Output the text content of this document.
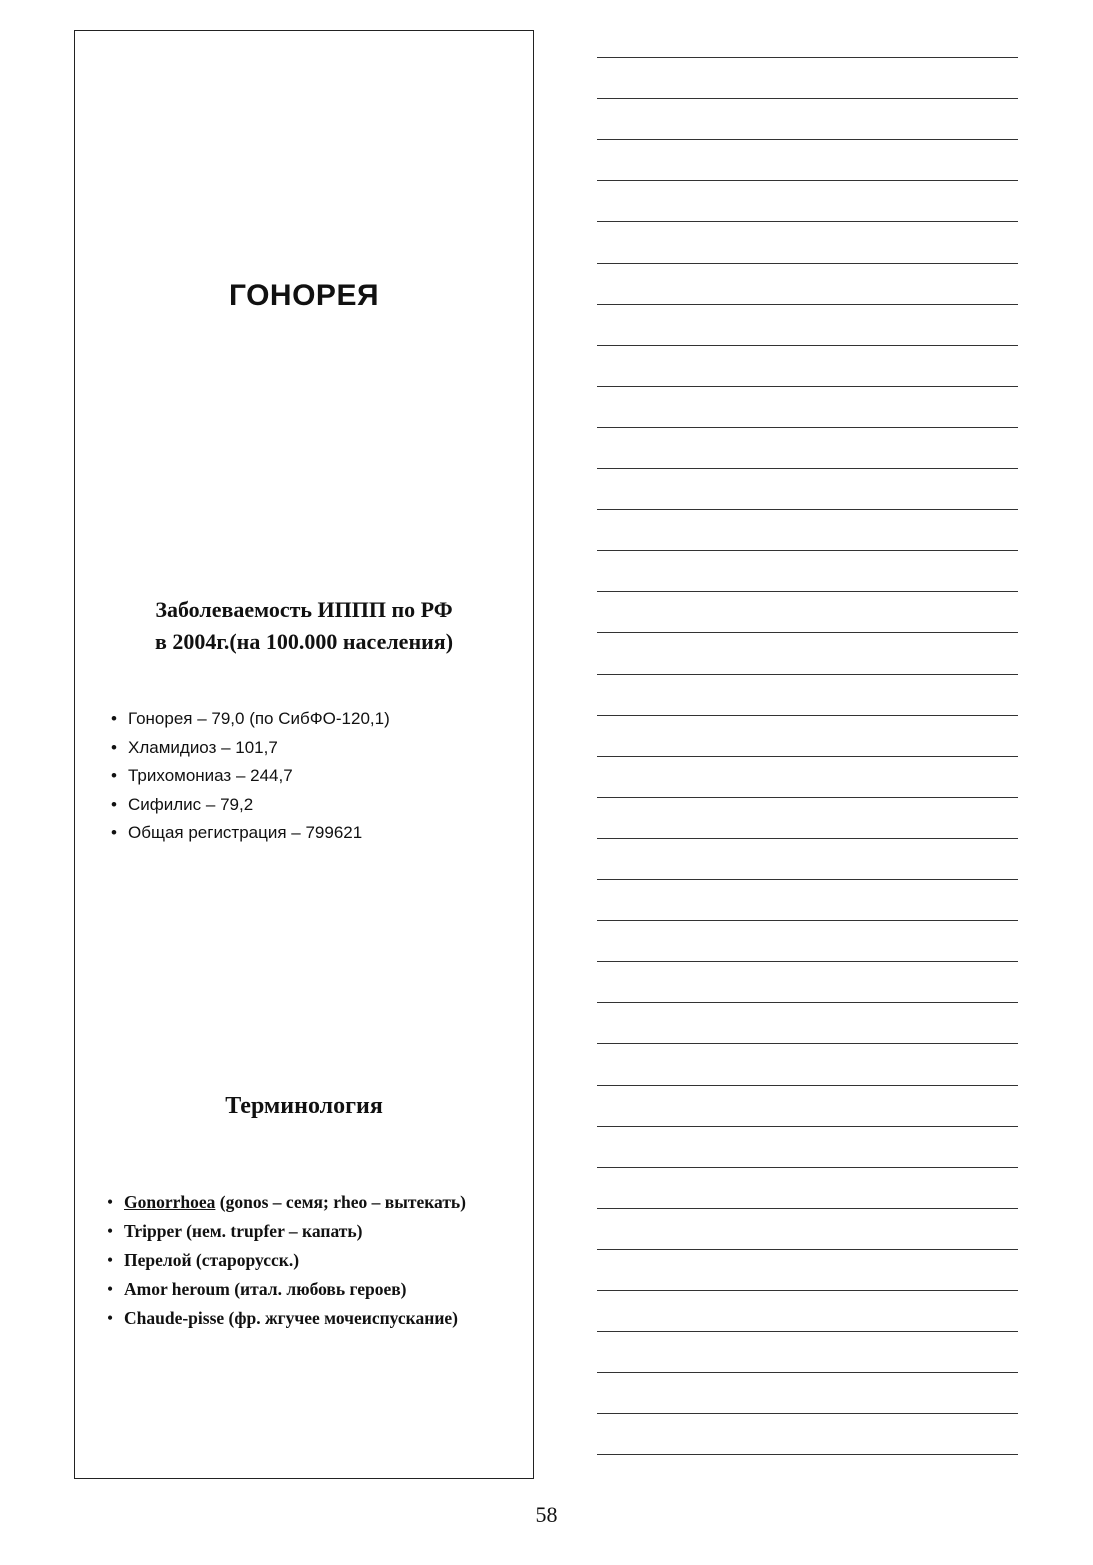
ГОНОРЕЯ
Заболеваемость ИППП по РФ
в 2004г.(на 100.000 населения)
• Гонорея – 79,0 (по СибФО-120,1)
• Хламидиоз – 101,7
• Трихомониаз – 244,7
• Сифилис – 79,2
• Общая регистрация – 799621
Терминология
• Gonorrhoea (gonos – семя; rheo – вытекать)
• Tripper (нем. trupfer – капать)
• Перелой (старорусск.)
• Amor heroum (итал. любовь героев)
• Chaude-pisse (фр. жгучее мочеиспускание)
58
